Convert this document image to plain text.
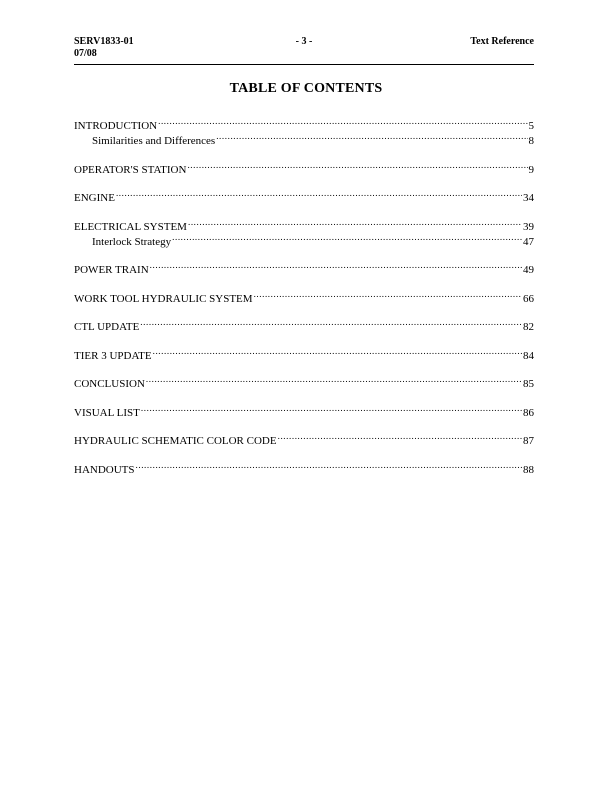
SERV1833-01
07/08
- 3 -	Text Reference
TABLE OF CONTENTS
INTRODUCTION .....	5
Similarities and Differences .....	8
OPERATOR'S STATION .....	9
ENGINE .....	34
ELECTRICAL SYSTEM .....	39
Interlock Strategy .....	47
POWER TRAIN .....	49
WORK TOOL HYDRAULIC SYSTEM .....	66
CTL UPDATE .....	82
TIER 3 UPDATE .....	84
CONCLUSION .....	85
VISUAL LIST .....	86
HYDRAULIC SCHEMATIC COLOR CODE .....	87
HANDOUTS .....	88
